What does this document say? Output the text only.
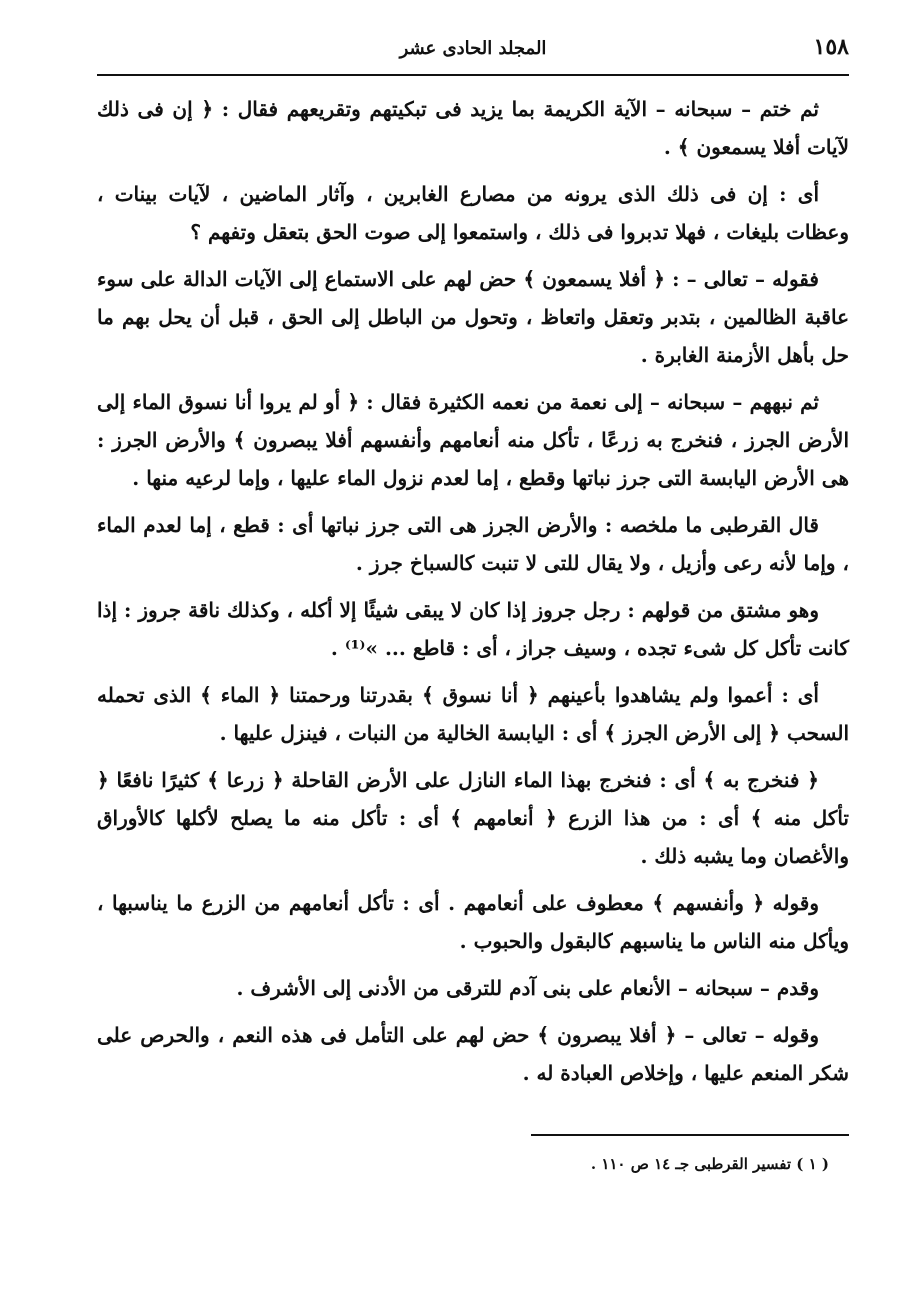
١٥٨
المجلد الحادى عشر

ثم ختم – سبحانه – الآية الكريمة بما يزيد فى تبكيتهم وتقريعهم فقال : ﴿ إن فى ذلك لآيات أفلا يسمعون ﴾ .

أى : إن فى ذلك الذى يرونه من مصارع الغابرين ، وآثار الماضين ، لآيات بينات ، وعظات بليغات ، فهلا تدبروا فى ذلك ، واستمعوا إلى صوت الحق بتعقل وتفهم ؟

فقوله – تعالى – : ﴿ أفلا يسمعون ﴾ حض لهم على الاستماع إلى الآيات الدالة على سوء عاقبة الظالمين ، بتدبر وتعقل واتعاظ ، وتحول من الباطل إلى الحق ، قبل أن يحل بهم ما حل بأهل الأزمنة الغابرة .

ثم نبههم – سبحانه – إلى نعمة من نعمه الكثيرة فقال : ﴿ أو لم يروا أنا نسوق الماء إلى الأرض الجرز ، فنخرج به زرعًا ، تأكل منه أنعامهم وأنفسهم أفلا يبصرون ﴾ والأرض الجرز : هى الأرض اليابسة التى جرز نباتها وقطع ، إما لعدم نزول الماء عليها ، وإما لرعيه منها .

قال القرطبى ما ملخصه : والأرض الجرز هى التى جرز نباتها أى : قطع ، إما لعدم الماء ، وإما لأنه رعى وأزيل ، ولا يقال للتى لا تنبت كالسباخ جرز .

وهو مشتق من قولهم : رجل جروز إذا كان لا يبقى شيئًا إلا أكله ، وكذلك ناقة جروز : إذا كانت تأكل كل شىء تجده ، وسيف جراز ، أى : قاطع ... »⁽¹⁾ .

أى : أعموا ولم يشاهدوا بأعينهم ﴿ أنا نسوق ﴾ بقدرتنا ورحمتنا ﴿ الماء ﴾ الذى تحمله السحب ﴿ إلى الأرض الجرز ﴾ أى : اليابسة الخالية من النبات ، فينزل عليها .

﴿ فنخرج به ﴾ أى : فنخرج بهذا الماء النازل على الأرض القاحلة ﴿ زرعا ﴾ كثيرًا نافعًا ﴿ تأكل منه ﴾ أى : من هذا الزرع ﴿ أنعامهم ﴾ أى : تأكل منه ما يصلح لأكلها كالأوراق والأغصان وما يشبه ذلك .

وقوله ﴿ وأنفسهم ﴾ معطوف على أنعامهم . أى : تأكل أنعامهم من الزرع ما يناسبها ، ويأكل منه الناس ما يناسبهم كالبقول والحبوب .

وقدم – سبحانه – الأنعام على بنى آدم للترقى من الأدنى إلى الأشرف .

وقوله – تعالى – ﴿ أفلا يبصرون ﴾ حض لهم على التأمل فى هذه النعم ، والحرص على شكر المنعم عليها ، وإخلاص العبادة له .

( ١ ) تفسير القرطبى جـ ١٤ ص ١١٠ .
